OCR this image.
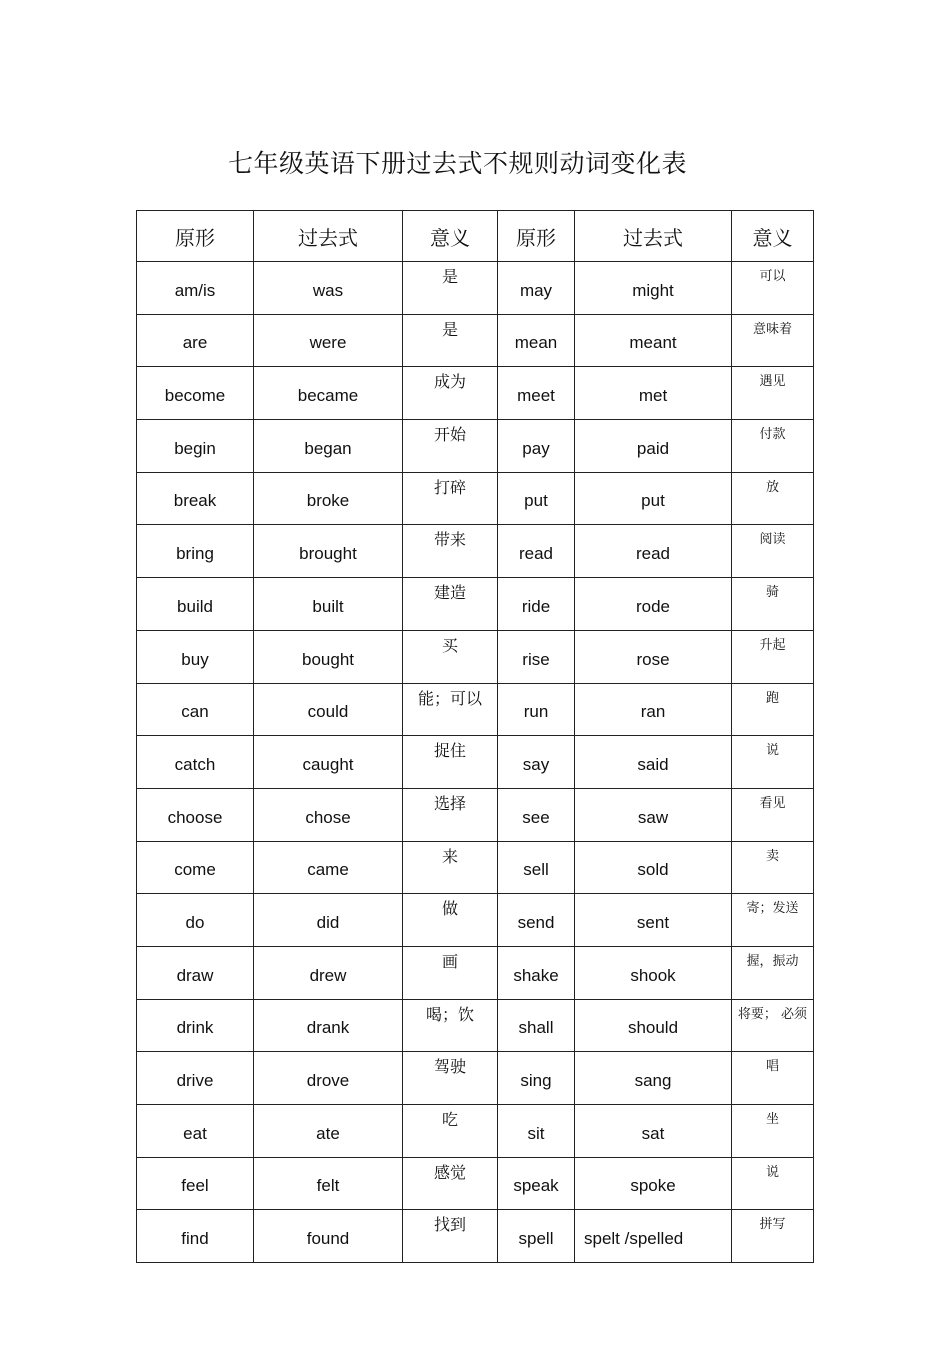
七年级英语下册过去式不规则动词变化表
原形	过去式	意义	原形	过去式	意义
am/is	was	是	may	might	可以

are	were	是	mean	meant	意味着

become	became	成为	meet	met	遇见

begin	began	开始	pay	paid	付款

break	broke	打碎	put	put	放

bring	brought	带来	read	read	阅读

build	built	建造	ride	rode	骑

buy	bought	买	rise	rose	升起

can	could	能；可以	run	ran	跑

catch	caught	捉住	say	said	说

choose	chose	选择	see	saw	看见

come	came	来	sell	sold	卖

do	did	做	send	sent	寄；发送

draw	drew	画	shake	shook	握，振动

drink	drank	喝；饮	shall	should	将要； 必须

drive	drove	驾驶	sing	sang	唱

eat	ate	吃	sit	sat	坐

feel	felt	感觉	speak	spoke	说

find	found	找到	spell	spelt /spelled	拼写
